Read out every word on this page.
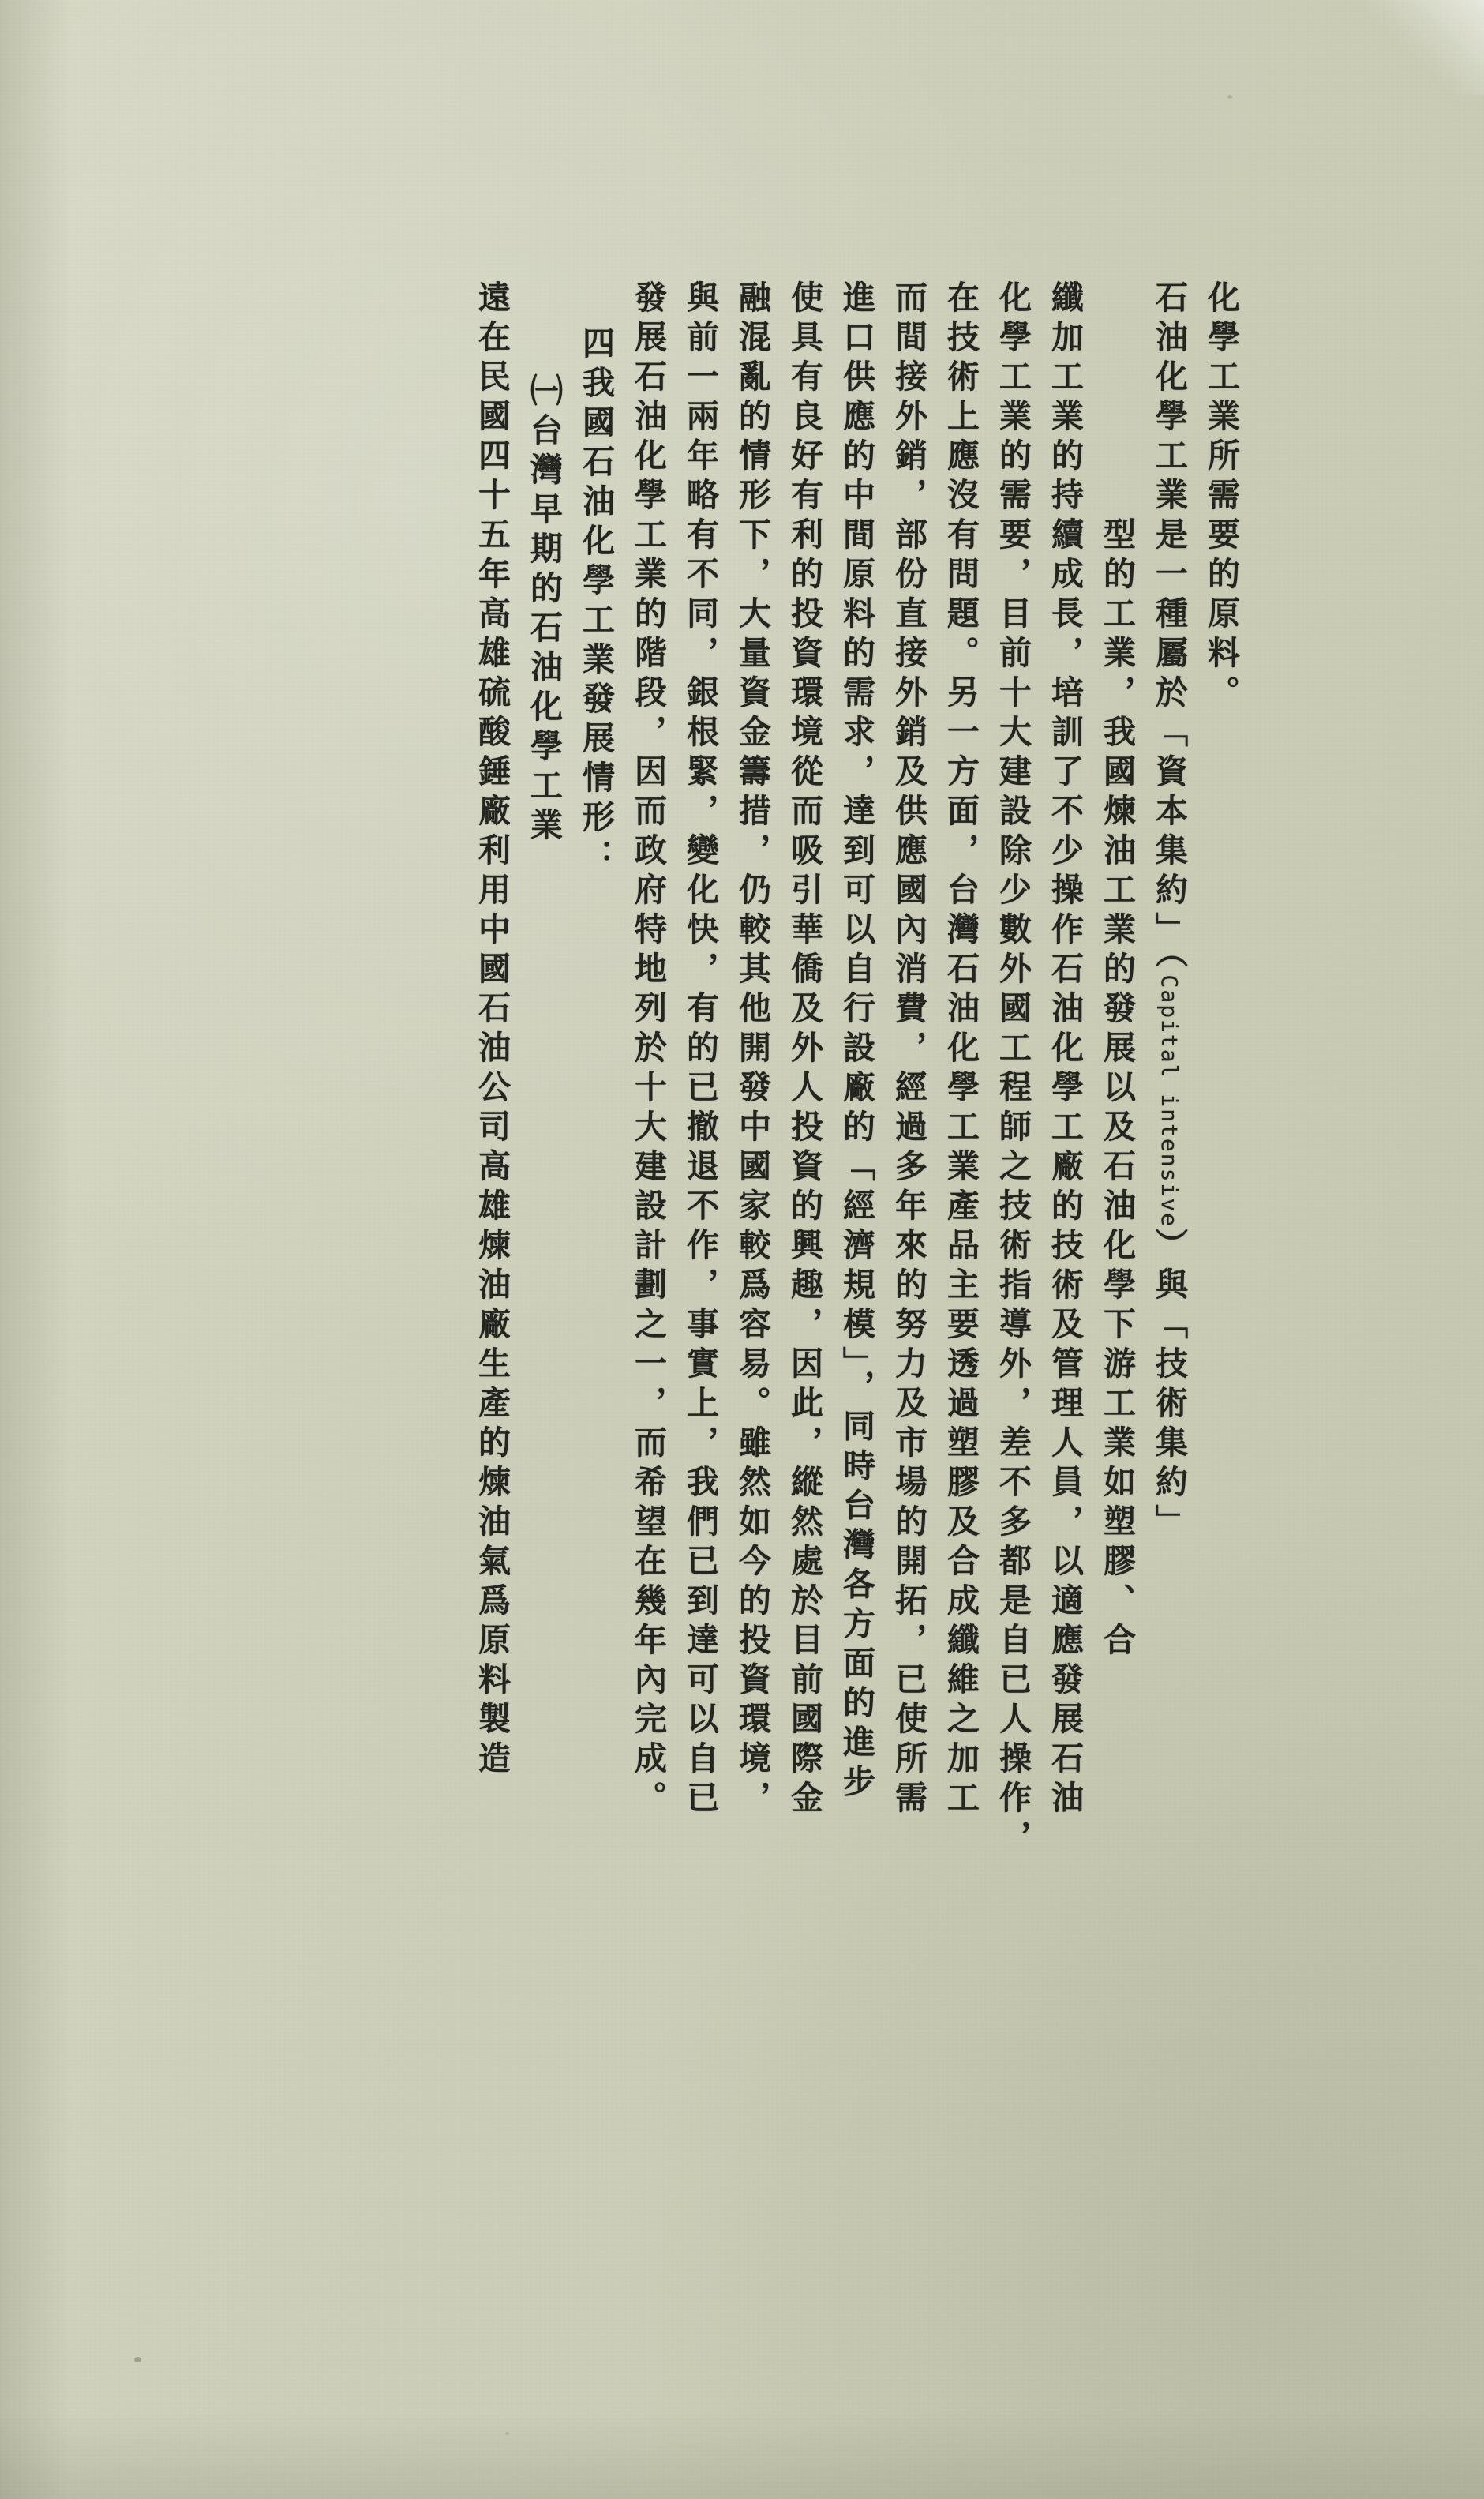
遠在民國四十五年高雄硫酸錘廠利用中國石油公司高雄煉油廠生產的煉油氣爲原料製造 ㈠台灣早期的石油化學工業 四我國石油化學工業發展情形： 發展石油化學工業的階段，因而政府特地列於十大建設計劃之一，而希望在幾年內完成。 與前一兩年略有不同，銀根緊，變化快，有的已撤退不作，事實上，我們已到達可以自已 融混亂的情形下，大量資金籌措，仍較其他開發中國家較爲容易。雖然如今的投資環境， 使具有良好有利的投資環境從而吸引華僑及外人投資的興趣，因此，縱然處於目前國際金 進口供應的中間原料的需求，達到可以自行設廠的「經濟規模」，同時台灣各方面的進步 而間接外銷，部份直接外銷及供應國內消費，經過多年來的努力及市場的開拓，已使所需 在技術上應沒有問題。另一方面，台灣石油化學工業產品主要透過塑膠及合成纖維之加工 化學工業的需要，目前十大建設除少數外國工程師之技術指導外，差不多都是自已人操作， 纖加工業的持續成長，培訓了不少操作石油化學工廠的技術及管理人員，以適應發展石油 型的工業，我國煉油工業的發展以及石油化學下游工業如塑膠、合 石油化學工業是一種屬於「資本集約」（Capital intensive）與「技術集約」
化學工業所需要的原料。
